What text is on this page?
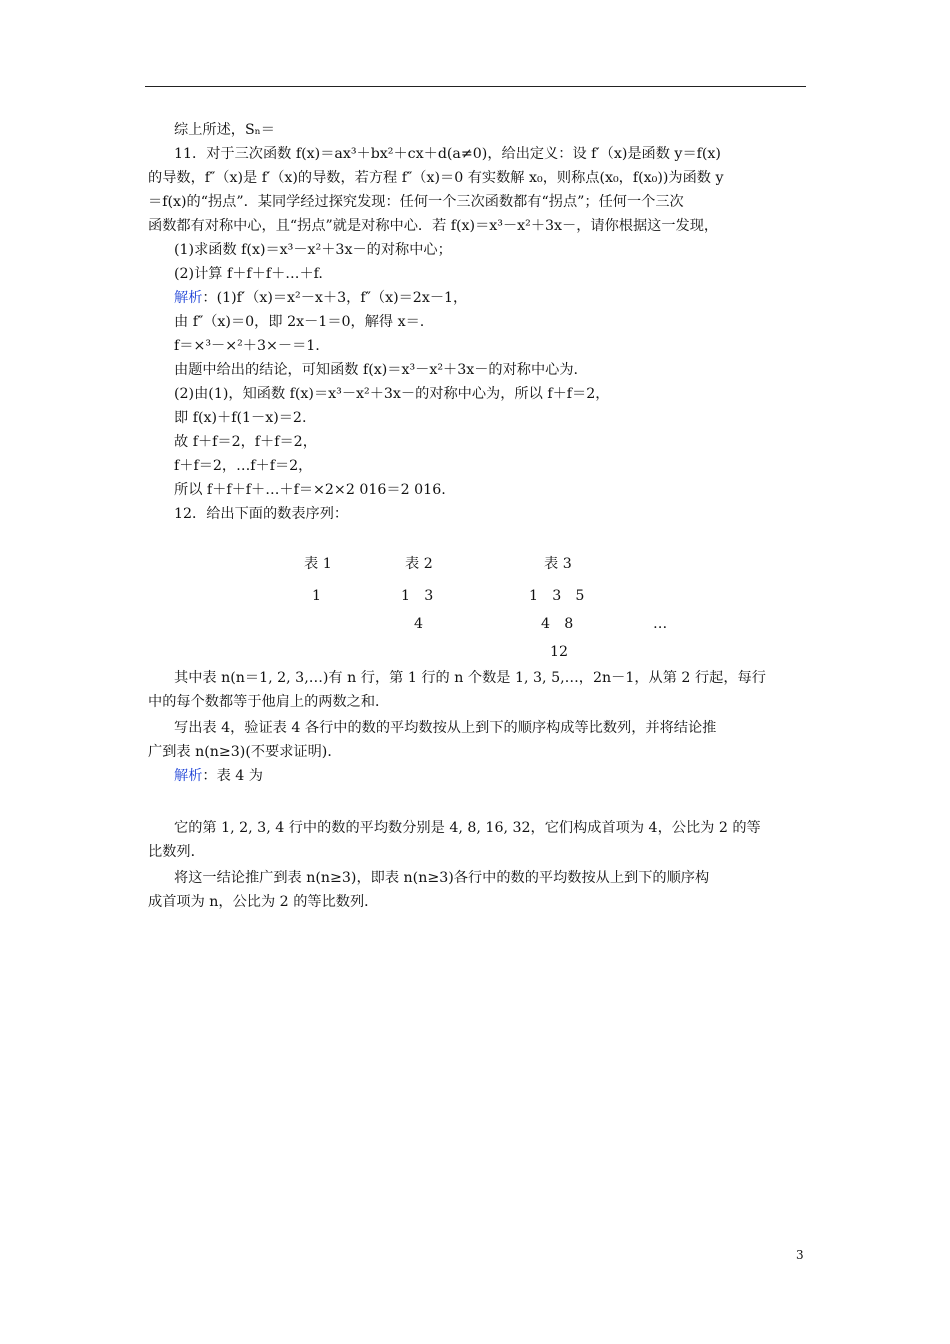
综上所述，Sₙ＝
11．对于三次函数 f(x)＝ax³＋bx²＋cx＋d(a≠0)，给出定义：设 f′（x)是函数 y＝f(x)
的导数，f″（x)是 f′（x)的导数，若方程 f″（x)＝0 有实数解 x₀，则称点(x₀，f(x₀))为函数 y
＝f(x)的“拐点”．某同学经过探究发现：任何一个三次函数都有“拐点”；任何一个三次
函数都有对称中心，且“拐点”就是对称中心．若 f(x)＝x³－x²＋3x－，请你根据这一发现，
(1)求函数 f(x)＝x³－x²＋3x－的对称中心；
(2)计算 f＋f＋f＋…＋f.
解析：(1)f′（x)＝x²－x＋3，f″（x)＝2x－1，
由 f″（x)＝0，即 2x－1＝0，解得 x＝.
f＝×³－×²＋3×－＝1.
由题中给出的结论，可知函数 f(x)＝x³－x²＋3x－的对称中心为.
(2)由(1)，知函数 f(x)＝x³－x²＋3x－的对称中心为，所以 f＋f＝2，
即 f(x)＋f(1－x)＝2.
故 f＋f＝2，f＋f＝2，
f＋f＝2，…f＋f＝2，
所以 f＋f＋f＋…＋f＝×2×2 016＝2 016.
12．给出下面的数表序列：
表 1
1
表 2
1　3
4
表 3
1　3　5
4　8
12
…
其中表 n(n＝1, 2, 3,…)有 n 行，第 1 行的 n 个数是 1, 3, 5,…，2n－1，从第 2 行起，每行
中的每个数都等于他肩上的两数之和．
写出表 4，验证表 4 各行中的数的平均数按从上到下的顺序构成等比数列，并将结论推
广到表 n(n≥3)(不要求证明)．
解析：表 4 为
它的第 1, 2, 3, 4 行中的数的平均数分别是 4, 8, 16, 32，它们构成首项为 4，公比为 2 的等
比数列．
将这一结论推广到表 n(n≥3)，即表 n(n≥3)各行中的数的平均数按从上到下的顺序构
成首项为 n，公比为 2 的等比数列．
3
